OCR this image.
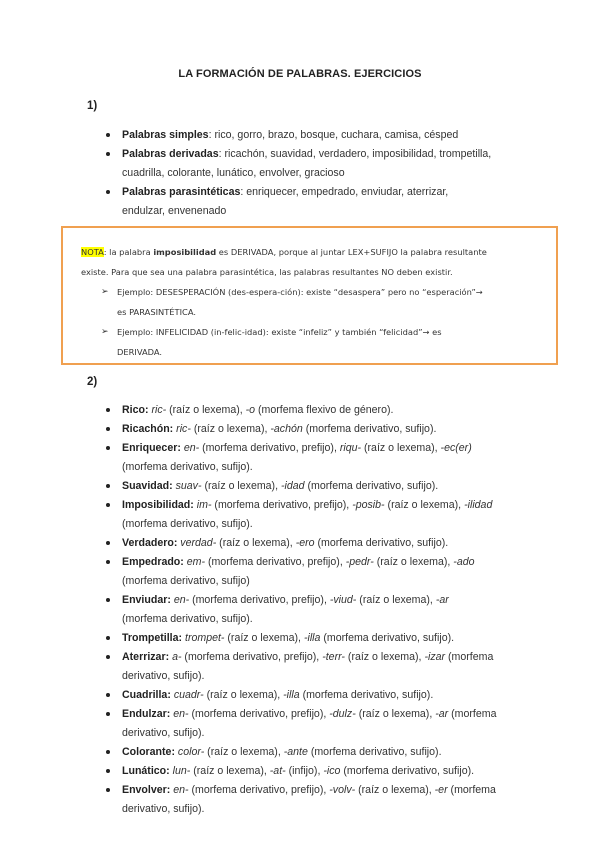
LA FORMACIÓN DE PALABRAS. EJERCICIOS
1)
Palabras simples: rico, gorro, brazo, bosque, cuchara, camisa, césped
Palabras derivadas: ricachón, suavidad, verdadero, imposibilidad, trompetilla,
cuadrilla, colorante, lunático, envolver, gracioso
Palabras parasintéticas: enriquecer, empedrado, enviudar, aterrizar,
endulzar, envenenado
NOTA: la palabra imposibilidad es DERIVADA, porque al juntar LEX+SUFIJO la palabra resultante
existe. Para que sea una palabra parasintética, las palabras resultantes NO deben existir.
➢ Ejemplo: DESESPERACIÓN (des-espera-ción): existe “desaspera” pero no “esperación”→
es PARASINTÉTICA.
➢ Ejemplo: INFELICIDAD (in-felic-idad): existe “infeliz” y también “felicidad”→ es
DERIVADA.
2)
Rico: ric- (raíz o lexema), -o (morfema flexivo de género).
Ricachón: ric- (raíz o lexema), -achón (morfema derivativo, sufijo).
Enriquecer: en- (morfema derivativo, prefijo), riqu- (raíz o lexema), -ec(er)
(morfema derivativo, sufijo).
Suavidad: suav- (raíz o lexema), -idad (morfema derivativo, sufijo).
Imposibilidad: im- (morfema derivativo, prefijo), -posib- (raíz o lexema), -ilidad
(morfema derivativo, sufijo).
Verdadero: verdad- (raíz o lexema), -ero (morfema derivativo, sufijo).
Empedrado: em- (morfema derivativo, prefijo), -pedr- (raíz o lexema), -ado
(morfema derivativo, sufijo)
Enviudar: en- (morfema derivativo, prefijo), -viud- (raíz o lexema), -ar
(morfema derivativo, sufijo).
Trompetilla: trompet- (raíz o lexema), -illa (morfema derivativo, sufijo).
Aterrizar: a- (morfema derivativo, prefijo), -terr- (raíz o lexema), -izar (morfema
derivativo, sufijo).
Cuadrilla: cuadr- (raíz o lexema), -illa (morfema derivativo, sufijo).
Endulzar: en- (morfema derivativo, prefijo), -dulz- (raíz o lexema), -ar (morfema
derivativo, sufijo).
Colorante: color- (raíz o lexema), -ante (morfema derivativo, sufijo).
Lunático: lun- (raíz o lexema), -at- (infijo), -ico (morfema derivativo, sufijo).
Envolver: en- (morfema derivativo, prefijo), -volv- (raíz o lexema), -er (morfema
derivativo, sufijo).
